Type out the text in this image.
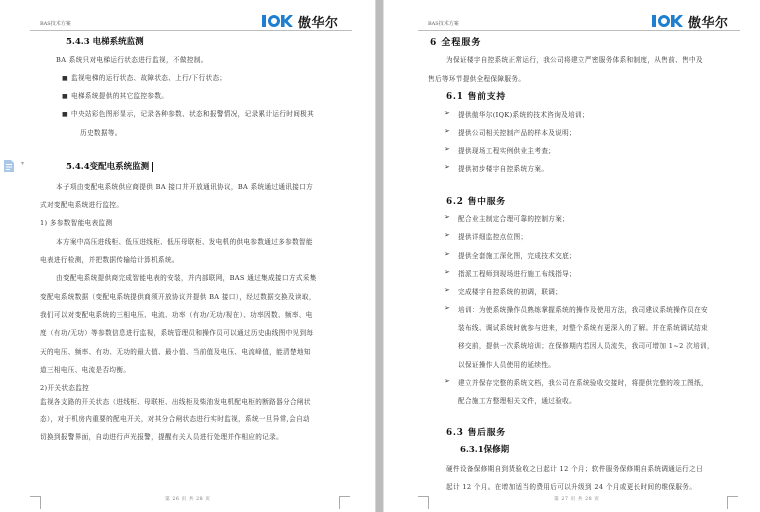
BAS技术方案	傲华尔
5.4.3 电梯系统监测
BA 系统只对电梯运行状态进行监视，不做控制。
■ 监视电梯的运行状态、故障状态、上行/下行状态；
■ 电梯系统提供的其它监控参数。
■ 中央站彩色图形显示，记录各种参数、状态和报警情况，记录累计运行时间极其
历史数据等。
▾	5.4.4变配电系统监测
本子项由变配电系统供应商提供 BA 接口并开放通讯协议，BA 系统通过通讯接口方
式对变配电系统进行监控。
1) 多参数智能电表监测
本方案中高压进线柜、低压进线柜、低压母联柜、发电机的供电参数通过多参数智能
电表进行检测，并把数据传输给计算机系统。
由变配电系统提供商完成智能电表的安装，并内部联网，BAS 通过集成接口方式采集
变配电系统数据（变配电系统提供商须开放协议并提供 BA 接口），经过数据交换及读取，
我们可以对变配电系统的三相电压、电流、功率（有功/无功/视在）、功率因数、频率、电
度（有功/无功）等参数信息进行监视，系统管理员和操作员可以通过历史曲线图中见到每
天的电压、频率、有功、无功的最大值、最小值、当前值及电压、电流峰值，能清楚地知
道三相电压、电流是否均衡。
2)开关状态监控
监视各支路的开关状态（进线柜、母联柜、出线柜及柴油发电机配电柜的断路器分合闸状
态），对于机房内重要的配电开关，对其分合闸状态进行实时监视，系统一旦异常,会自动
切换到报警界面，自动进行声光报警，提醒有关人员进行处理并作相应的记录。
第 26 页 共 28 页
BAS技术方案	傲华尔
6 全程服务
为保证楼宇自控系统正常运行，我公司将建立严密服务体系和制度，从售前、售中及
售后等环节提供全程保障服务。
6.1 售前支持
➢ 提供傲华尔(IQK)系统的技术咨询及培训；
➢ 提供公司相关控制产品的样本及说明；
➢ 提供现场工程实例供业主考查；
➢ 提供初步楼宇自控系统方案。
6.2 售中服务
➢ 配合业主制定合理可靠的控制方案；
➢ 提供详细监控点位图；
➢ 提供全套施工深化图，完成技术交底；
➢ 指派工程师到现场进行施工布线指导；
➢ 完成楼宇自控系统的初调，联调；
➢ 培训：为使系统操作员熟练掌握系统的操作及使用方法，我司建议系统操作员在安
装布线、调试系统时就参与进来，对整个系统有更深入的了解。并在系统调试结束
移交前，提供一次系统培训；在保修期内若因人员流失，我司可增加 1~2 次培训，
以保证操作人员使用的延续性。
➢ 建立并保存完整的系统文档，我公司在系统验收交接时，将提供完整的竣工图纸，
配合施工方整理相关文件，通过验收。
6.3 售后服务
6.3.1保修期
硬件设备保修期自到货验收之日起计 12 个月；软件服务保修期自系统调通运行之日
起计 12 个月。在增加适当的费用后可以升级到 24 个月或更长时间的维保服务。
第 27 页 共 28 页
